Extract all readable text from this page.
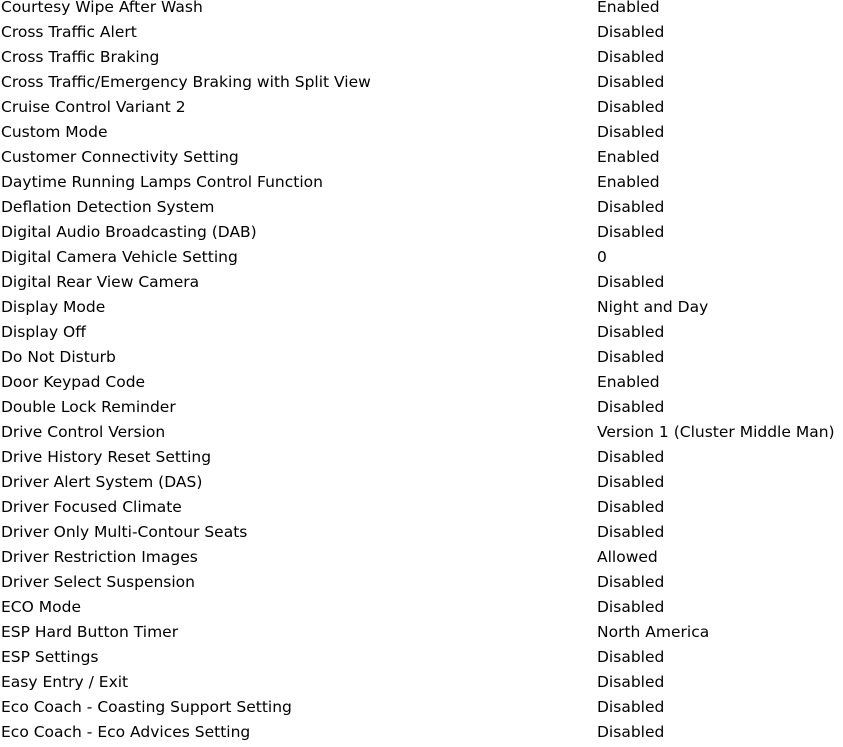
Courtesy Wipe After Wash	Enabled
Cross Traffic Alert	Disabled
Cross Traffic Braking	Disabled
Cross Traffic/Emergency Braking with Split View	Disabled
Cruise Control Variant 2	Disabled
Custom Mode	Disabled
Customer Connectivity Setting	Enabled
Daytime Running Lamps Control Function	Enabled
Deflation Detection System	Disabled
Digital Audio Broadcasting (DAB)	Disabled
Digital Camera Vehicle Setting	0
Digital Rear View Camera	Disabled
Display Mode	Night and Day
Display Off	Disabled
Do Not Disturb	Disabled
Door Keypad Code	Enabled
Double Lock Reminder	Disabled
Drive Control Version	Version 1 (Cluster Middle Man)
Drive History Reset Setting	Disabled
Driver Alert System (DAS)	Disabled
Driver Focused Climate	Disabled
Driver Only Multi-Contour Seats	Disabled
Driver Restriction Images	Allowed
Driver Select Suspension	Disabled
ECO Mode	Disabled
ESP Hard Button Timer	North America
ESP Settings	Disabled
Easy Entry / Exit	Disabled
Eco Coach - Coasting Support Setting	Disabled
Eco Coach - Eco Advices Setting	Disabled
